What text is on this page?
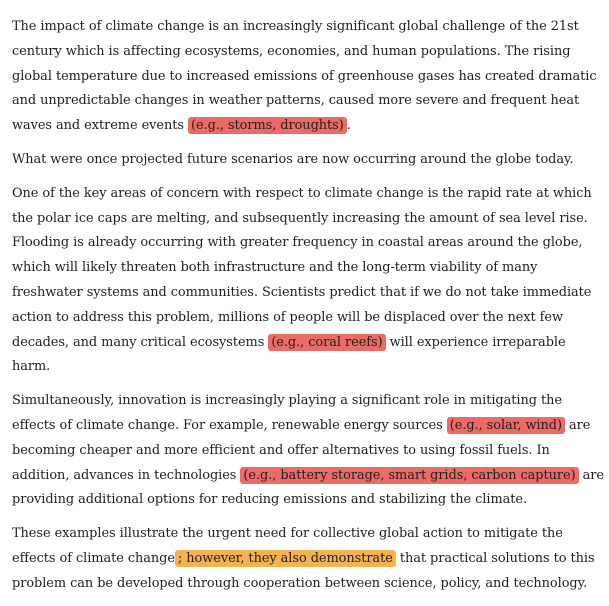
The impact of climate change is an increasingly significant global challenge of the 21st century which is affecting ecosystems, economies, and human populations. The rising global temperature due to increased emissions of greenhouse gases has created dramatic and unpredictable changes in weather patterns, caused more severe and frequent heat waves and extreme events (e.g., storms, droughts) .

What were once projected future scenarios are now occurring around the globe today.

One of the key areas of concern with respect to climate change is the rapid rate at which the polar ice caps are melting, and subsequently increasing the amount of sea level rise. Flooding is already occurring with greater frequency in coastal areas around the globe, which will likely threaten both infrastructure and the long-term viability of many freshwater systems and communities. Scientists predict that if we do not take immediate action to address this problem, millions of people will be displaced over the next few decades, and many critical ecosystems (e.g., coral reefs) will experience irreparable harm.

Simultaneously, innovation is increasingly playing a significant role in mitigating the effects of climate change. For example, renewable energy sources (e.g., solar, wind) are becoming cheaper and more efficient and offer alternatives to using fossil fuels. In addition, advances in technologies (e.g., battery storage, smart grids, carbon capture) are providing additional options for reducing emissions and stabilizing the climate.

These examples illustrate the urgent need for collective global action to mitigate the effects of climate change ; however, they also demonstrate that practical solutions to this problem can be developed through cooperation between science, policy, and technology.
